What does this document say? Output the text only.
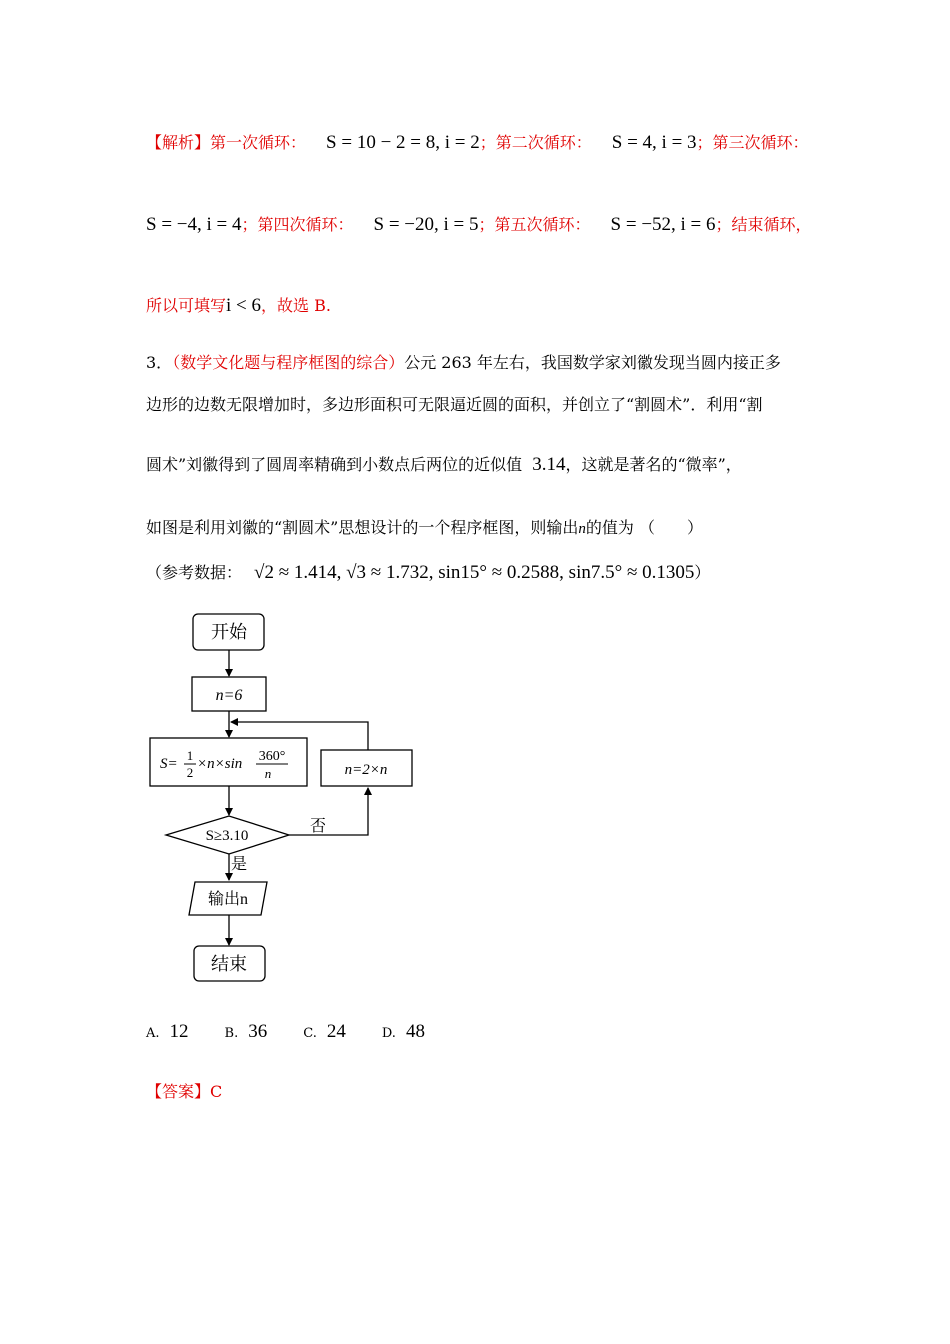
【解析】第一次循环： S = 10 − 2 = 8, i = 2；第二次循环： S = 4, i = 3；第三次循环：
S = −4, i = 4；第四次循环： S = −20, i = 5；第五次循环： S = −52, i = 6；结束循环，
所以可填写i < 6，故选 B.
3．（数学文化题与程序框图的综合）公元 263 年左右，我国数学家刘徽发现当圆内接正多
边形的边数无限增加时，多边形面积可无限逼近圆的面积，并创立了“割圆术”．利用“割
圆术”刘徽得到了圆周率精确到小数点后两位的近似值 3.14，这就是著名的“微率”，
如图是利用刘徽的“割圆术”思想设计的一个程序框图，则输出n的值为 （　　）
（参考数据： √2 ≈ 1.414, √3 ≈ 1.732, sin15° ≈ 0.2588, sin7.5° ≈ 0.1305）
开始
n=6
S=
1
2
×n×sin 360°
n	n=2×n
S≥3.10
否
是
输出n
结束
A. 12	B. 36	C. 24	D. 48
【答案】C
